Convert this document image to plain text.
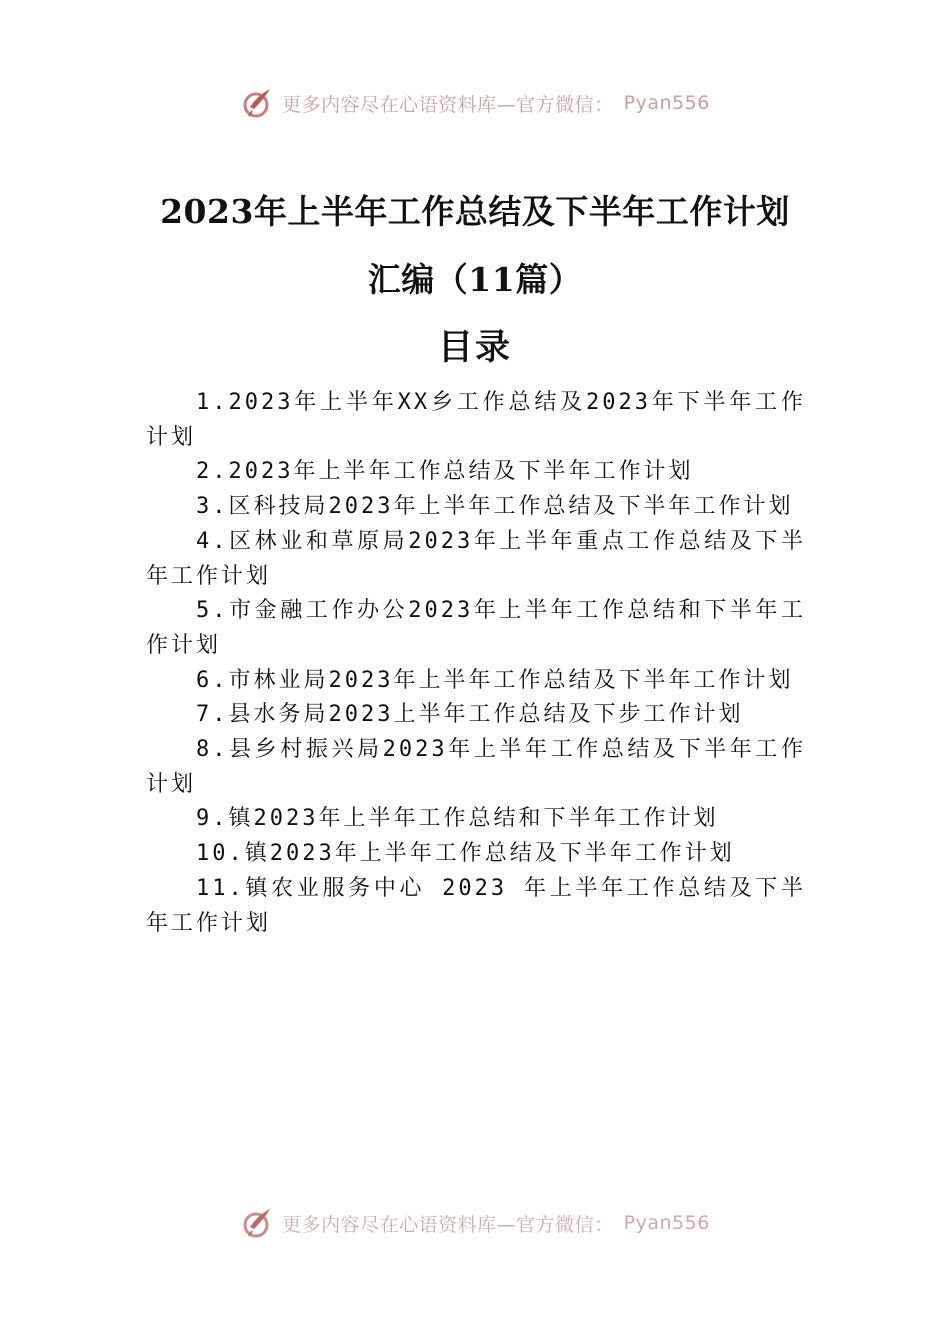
更多内容尽在心语资料库—官方微信： Pyan556
2023年上半年工作总结及下半年工作计划
汇编（11篇）
目录
1.2023年上半年XX乡工作总结及2023年下半年工作计划
2.2023年上半年工作总结及下半年工作计划
3.区科技局2023年上半年工作总结及下半年工作计划
4.区林业和草原局2023年上半年重点工作总结及下半年工作计划
5.市金融工作办公2023年上半年工作总结和下半年工作计划
6.市林业局2023年上半年工作总结及下半年工作计划
7.县水务局2023上半年工作总结及下步工作计划
8.县乡村振兴局2023年上半年工作总结及下半年工作计划
9.镇2023年上半年工作总结和下半年工作计划
10.镇2023年上半年工作总结及下半年工作计划
11.镇农业服务中心 2023 年上半年工作总结及下半年工作计划
更多内容尽在心语资料库—官方微信： Pyan556
